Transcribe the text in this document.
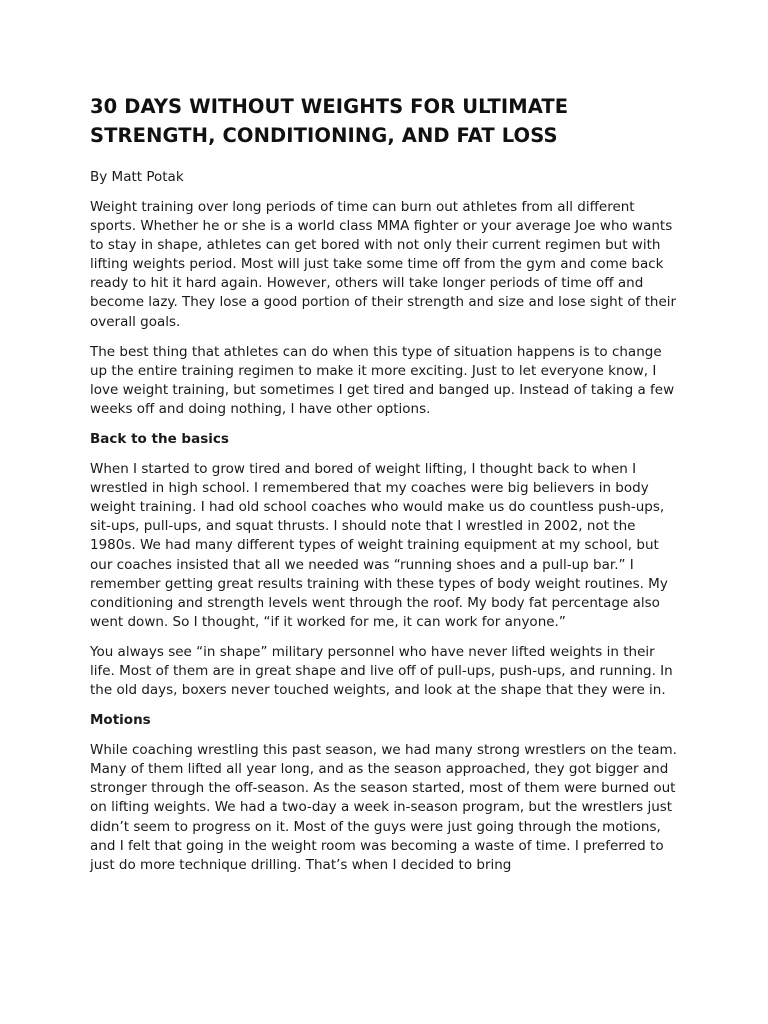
30 DAYS WITHOUT WEIGHTS FOR ULTIMATE STRENGTH, CONDITIONING, AND FAT LOSS
By Matt Potak

Weight training over long periods of time can burn out athletes from all different sports. Whether he or she is a world class MMA fighter or your average Joe who wants to stay in shape, athletes can get bored with not only their current regimen but with lifting weights period. Most will just take some time off from the gym and come back ready to hit it hard again. However, others will take longer periods of time off and become lazy. They lose a good portion of their strength and size and lose sight of their overall goals.

The best thing that athletes can do when this type of situation happens is to change up the entire training regimen to make it more exciting. Just to let everyone know, I love weight training, but sometimes I get tired and banged up. Instead of taking a few weeks off and doing nothing, I have other options.

Back to the basics

When I started to grow tired and bored of weight lifting, I thought back to when I wrestled in high school. I remembered that my coaches were big believers in body weight training. I had old school coaches who would make us do countless push-ups, sit-ups, pull-ups, and squat thrusts. I should note that I wrestled in 2002, not the 1980s. We had many different types of weight training equipment at my school, but our coaches insisted that all we needed was “running shoes and a pull-up bar.” I remember getting great results training with these types of body weight routines. My conditioning and strength levels went through the roof. My body fat percentage also went down. So I thought, “if it worked for me, it can work for anyone.”

You always see “in shape” military personnel who have never lifted weights in their life. Most of them are in great shape and live off of pull-ups, push-ups, and running. In the old days, boxers never touched weights, and look at the shape that they were in.

Motions

While coaching wrestling this past season, we had many strong wrestlers on the team. Many of them lifted all year long, and as the season approached, they got bigger and stronger through the off-season. As the season started, most of them were burned out on lifting weights. We had a two-day a week in-season program, but the wrestlers just didn’t seem to progress on it. Most of the guys were just going through the motions, and I felt that going in the weight room was becoming a waste of time. I preferred to just do more technique drilling. That’s when I decided to bring
